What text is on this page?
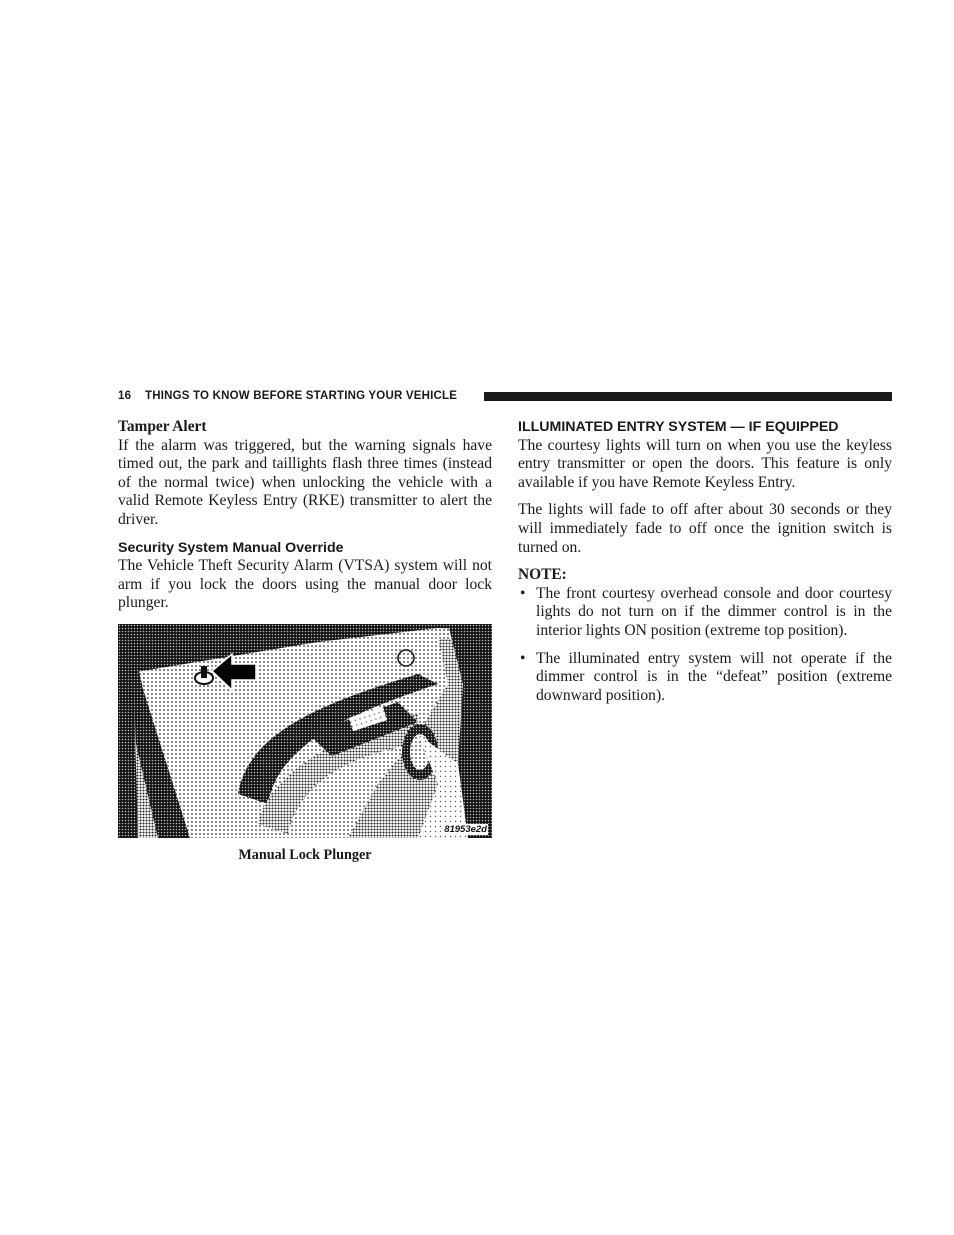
16 THINGS TO KNOW BEFORE STARTING YOUR VEHICLE
Tamper Alert

If the alarm was triggered, but the warning signals have timed out, the park and taillights flash three times (instead of the normal twice) when unlocking the vehicle with a valid Remote Keyless Entry (RKE) transmitter to alert the driver.

Security System Manual Override

The Vehicle Theft Security Alarm (VTSA) system will not arm if you lock the doors using the manual door lock plunger.

81953e2d
Manual Lock Plunger
ILLUMINATED ENTRY SYSTEM — IF EQUIPPED

The courtesy lights will turn on when you use the keyless entry transmitter or open the doors. This feature is only available if you have Remote Keyless Entry.

The lights will fade to off after about 30 seconds or they will immediately fade to off once the ignition switch is turned on.

NOTE:
• The front courtesy overhead console and door courtesy lights do not turn on if the dimmer control is in the interior lights ON position (extreme top position).
• The illuminated entry system will not operate if the dimmer control is in the “defeat” position (extreme downward position).
